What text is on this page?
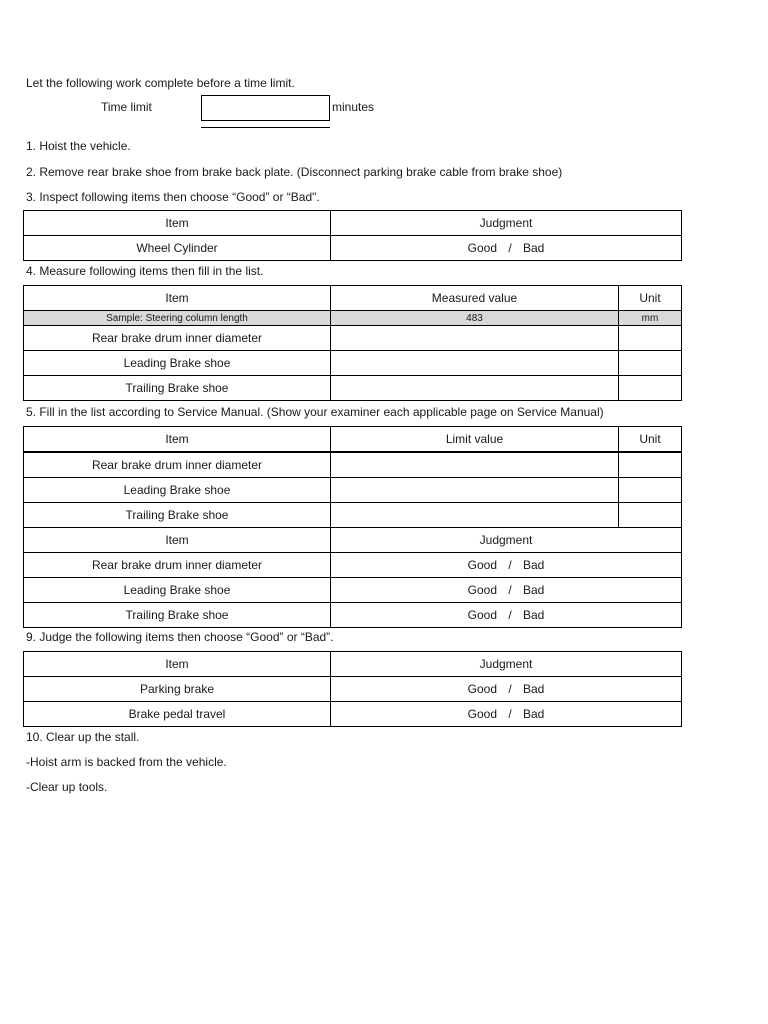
Let the following work complete before a time limit.
Time limit	minutes
1. Hoist the vehicle.
2. Remove rear brake shoe from brake back plate. (Disconnect parking brake cable from brake shoe)
3. Inspect following items then choose “Good” or “Bad".
Item	Judgment
Wheel Cylinder	Good / Bad
4. Measure following items then fill in the list.
Item	Measured value	Unit
Sample: Steering column length	483	mm
Rear brake drum inner diameter		
Leading Brake shoe		
Trailing Brake shoe		
5. Fill in the list according to Service Manual. (Show your examiner each applicable page on Service Manual)
Item	Limit value	Unit
Rear brake drum inner diameter		
Leading Brake shoe		
Trailing Brake shoe		
Item	Judgment	
Rear brake drum inner diameter	Good / Bad	
Leading Brake shoe	Good / Bad	
Trailing Brake shoe	Good / Bad	
9. Judge the following items then choose “Good” or “Bad”.
Item	Judgment
Parking brake	Good / Bad
Brake pedal travel	Good / Bad
10. Clear up the stall.
-Hoist arm is backed from the vehicle.
-Clear up tools.
